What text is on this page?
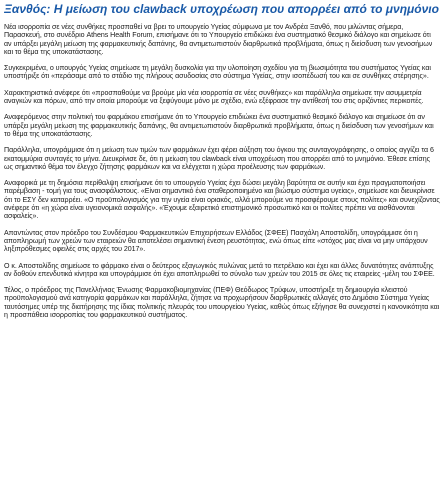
Ξανθός: Η μείωση του clawback υποχρέωση που απορρέει από το μνημόνιο

Νέα ισορροπία σε νέες συνθήκες προσπαθεί να βρει το υπουργείο Υγείας σύμφωνα με τον Ανδρέα Ξανθό, που μιλώντας σήμερα, Παρασκευή, στο συνέδριο Athens Health Forum, επισήμανε ότι το Υπουργείο επιδιώκει ένα συστηματικό θεσμικό διάλογο και σημείωσε ότι αν υπάρξει μεγάλη μείωση της φαρμακευτικής δαπάνης, θα αντιμετωπιστούν διαρθρωτικά προβλήματα, όπως η διείσδυση των γενοσήμων και το θέμα της υποκατάστασης.

Συγκεκριμένα, ο υπουργός Υγείας σημείωσε τη μεγάλη δυσκολία για την υλοποίηση σχεδίου για τη βιωσιμότητα του συστήματος Υγείας και υποστήριξε ότι «περάσαμε από το στάδιο της πλήρους ασυδοσίας στο σύστημα Υγείας, στην ισοπέδωσή του και σε συνθήκες στέρησης».

Χαρακτηριστικά ανέφερε ότι «προσπαθούμε να βρούμε μία νέα ισορροπία σε νέες συνθήκες» και παράλληλα σημείωσε την ασυμμετρία αναγκών και πόρων, από την οποία μπορούμε να ξεφύγουμε μόνο με σχέδιο, ενώ εξέφρασε την αντίθεσή του στις οριζόντιες περικοπές.

Αναφερόμενος στην πολιτική του φαρμάκου επισήμανε ότι το Υπουργείο επιδιώκει ένα συστηματικό θεσμικό διάλογο και σημείωσε ότι αν υπάρξει μεγάλη μείωση της φαρμακευτικής δαπάνης, θα αντιμετωπιστούν διαρθρωτικά προβλήματα, όπως η διείσδυση των γενοσήμων και το θέμα της υποκατάστασης.

Παράλληλα, υπογράμμισε ότι η μείωση των τιμών των φαρμάκων έχει φέρει αύξηση του όγκου της συνταγογράφησης, ο οποίος αγγίζει τα 6 εκατομμύρια συνταγές το μήνα. Διευκρίνισε δε, ότι η μείωση του clawback είναι υποχρέωση που απορρέει από το μνημόνιο. Έθεσε επίσης ως σημαντικό θέμα τον έλεγχο ζήτησης φαρμάκων και να ελέγχεται η χώρα προέλευσης των φαρμάκων.

Αναφορικά με τη δημόσια περίθαλψη επισήμανε ότι το υπουργείο Υγείας έχει δώσει μεγάλη βαρύτητα σε αυτήν και έχει πραγματοποιήσει παρέμβαση - τομή για τους ανασφάλιστους. «Είναι σημαντικό ένα σταθεροποιημένο και βιώσιμο σύστημα υγείας», σημείωσε και διευκρίνισε ότι το ΕΣΥ δεν καταρρέει. «Ο προϋπολογισμός για την υγεία είναι οριακός, αλλά μπορούμε να προσφέρουμε στους πολίτες» και συνεχίζοντας ανέφερε ότι «η χώρα είναι υγειονομικά ασφαλής». «Έχουμε εξαιρετικό επιστημονικό προσωπικό και οι πολίτες πρέπει να αισθάνονται ασφαλείς».

Απαντώντας στον πρόεδρο του Συνδέσμου Φαρμακευτικών Επιχειρήσεων Ελλάδος (ΣΦΕΕ) Πασχάλη Αποστολίδη, υπογράμμισε ότι η αποπληρωμή των χρεών των εταιρειών θα αποτελέσει σημαντική ένεση ρευστότητας, ενώ όπως είπε «στόχος μας είναι να μην υπάρχουν ληξιπρόθεσμες οφειλές στις αρχές του 2017».

Ο κ. Αποστολίδης σημείωσε το φάρμακο είναι ο δεύτερος εξαγωγικός πυλώνας μετά το πετρέλαιο και έχει και άλλες δυνατότητες ανάπτυξης αν δοθούν επενδυτικά κίνητρα και υπογράμμισε ότι έχει αποπληρωθεί το σύνολο των χρεών του 2015 σε όλες τις εταιρείες -μέλη του ΣΦΕΕ.

Τέλος, ο πρόεδρος της Πανελλήνιας Ένωσης Φαρμακοβιομηχανίας (ΠΕΦ) Θεόδωρος Τρύφων, υποστήριξε τη δημιουργία κλειστού προϋπολογισμού ανά κατηγορία φαρμάκων και παράλληλα, ζήτησε να προχωρήσουν διαρθρωτικές αλλαγές στο Δημόσιο Σύστημα Υγείας ταυτόσημες υπέρ της διατήρησης της ίδιας πολιτικής πλευράς του υπουργείου Υγείας, καθώς όπως εξήγησε θα συνεχιστεί η κανονικότητα και η προσπάθεια ισορροπίας του φαρμακευτικού συστήματος.
